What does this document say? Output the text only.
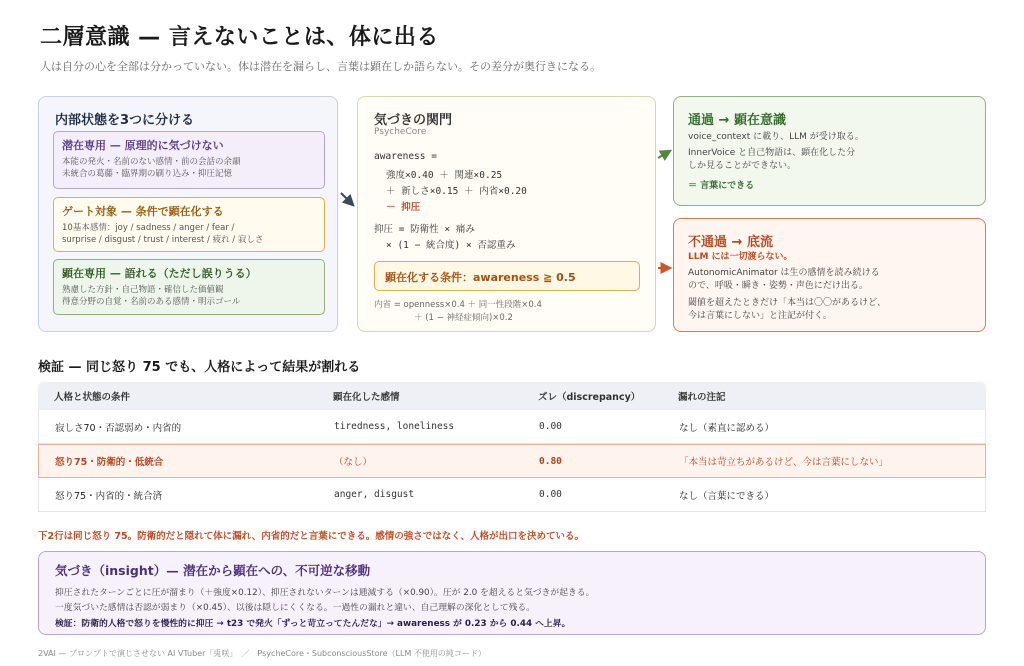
二層意識 — 言えないことは、体に出る
人は自分の心を全部は分かっていない。体は潜在を漏らし、言葉は顕在しか語らない。その差分が奥行きになる。
内部状態を3つに分ける
潜在専用 — 原理的に気づけない
本能の発火・名前のない感情・前の会話の余韻
未統合の葛藤・臨界期の刷り込み・抑圧記憶
ゲート対象 — 条件で顕在化する
10基本感情：joy / sadness / anger / fear /
surprise / disgust / trust / interest / 疲れ / 寂しさ
顕在専用 — 語れる（ただし誤りうる）
熟慮した方針・自己物語・確信した価値観
得意分野の自覚・名前のある感情・明示ゴール
気づきの関門
PsycheCore
awareness =
強度×0.40 ＋ 関連×0.25
＋ 新しさ×0.15 ＋ 内省×0.20
－ 抑圧
抑圧 = 防衛性 × 痛み
× (1 − 統合度) × 否認重み
顕在化する条件：awareness ≧ 0.5
内省 = openness×0.4 ＋ 同一性段階×0.4
＋ (1 − 神経症傾向)×0.2
通過 → 顕在意識
voice_context に載り、LLM が受け取る。
InnerVoice と自己物語は、顕在化した分
しか見ることができない。
＝ 言葉にできる
不通過 → 底流
LLM には一切渡らない。
AutonomicAnimator は生の感情を読み続ける
ので、呼吸・瞬き・姿勢・声色にだけ出る。
閾値を超えたときだけ「本当は〇〇があるけど、
今は言葉にしない」と注記が付く。
検証 — 同じ怒り 75 でも、人格によって結果が割れる
人格と状態の条件	顕在化した感情	ズレ（discrepancy）	漏れの注記
寂しさ70・否認弱め・内省的	tiredness, loneliness	0.00	なし（素直に認める）
怒り75・防衛的・低統合	（なし）	0.80	「本当は苛立ちがあるけど、今は言葉にしない」
怒り75・内省的・統合済	anger, disgust	0.00	なし（言葉にできる）
下2行は同じ怒り 75。防衛的だと隠れて体に漏れ、内省的だと言葉にできる。感情の強さではなく、人格が出口を決めている。
気づき（insight）— 潜在から顕在への、不可逆な移動
抑圧されたターンごとに圧が溜まり（＋強度×0.12）、抑圧されないターンは逓減する（×0.90）。圧が 2.0 を超えると気づきが起きる。
一度気づいた感情は否認が弱まり（×0.45）、以後は隠しにくくなる。一過性の漏れと違い、自己理解の深化として残る。
検証：防衛的人格で怒りを慢性的に抑圧 → t23 で発火「ずっと苛立ってたんだな」→ awareness が 0.23 から 0.44 へ上昇。
2VAI — プロンプトで演じさせない AI VTuber「兎咲」　／　PsycheCore・SubconsciousStore（LLM 不使用の純コード）
